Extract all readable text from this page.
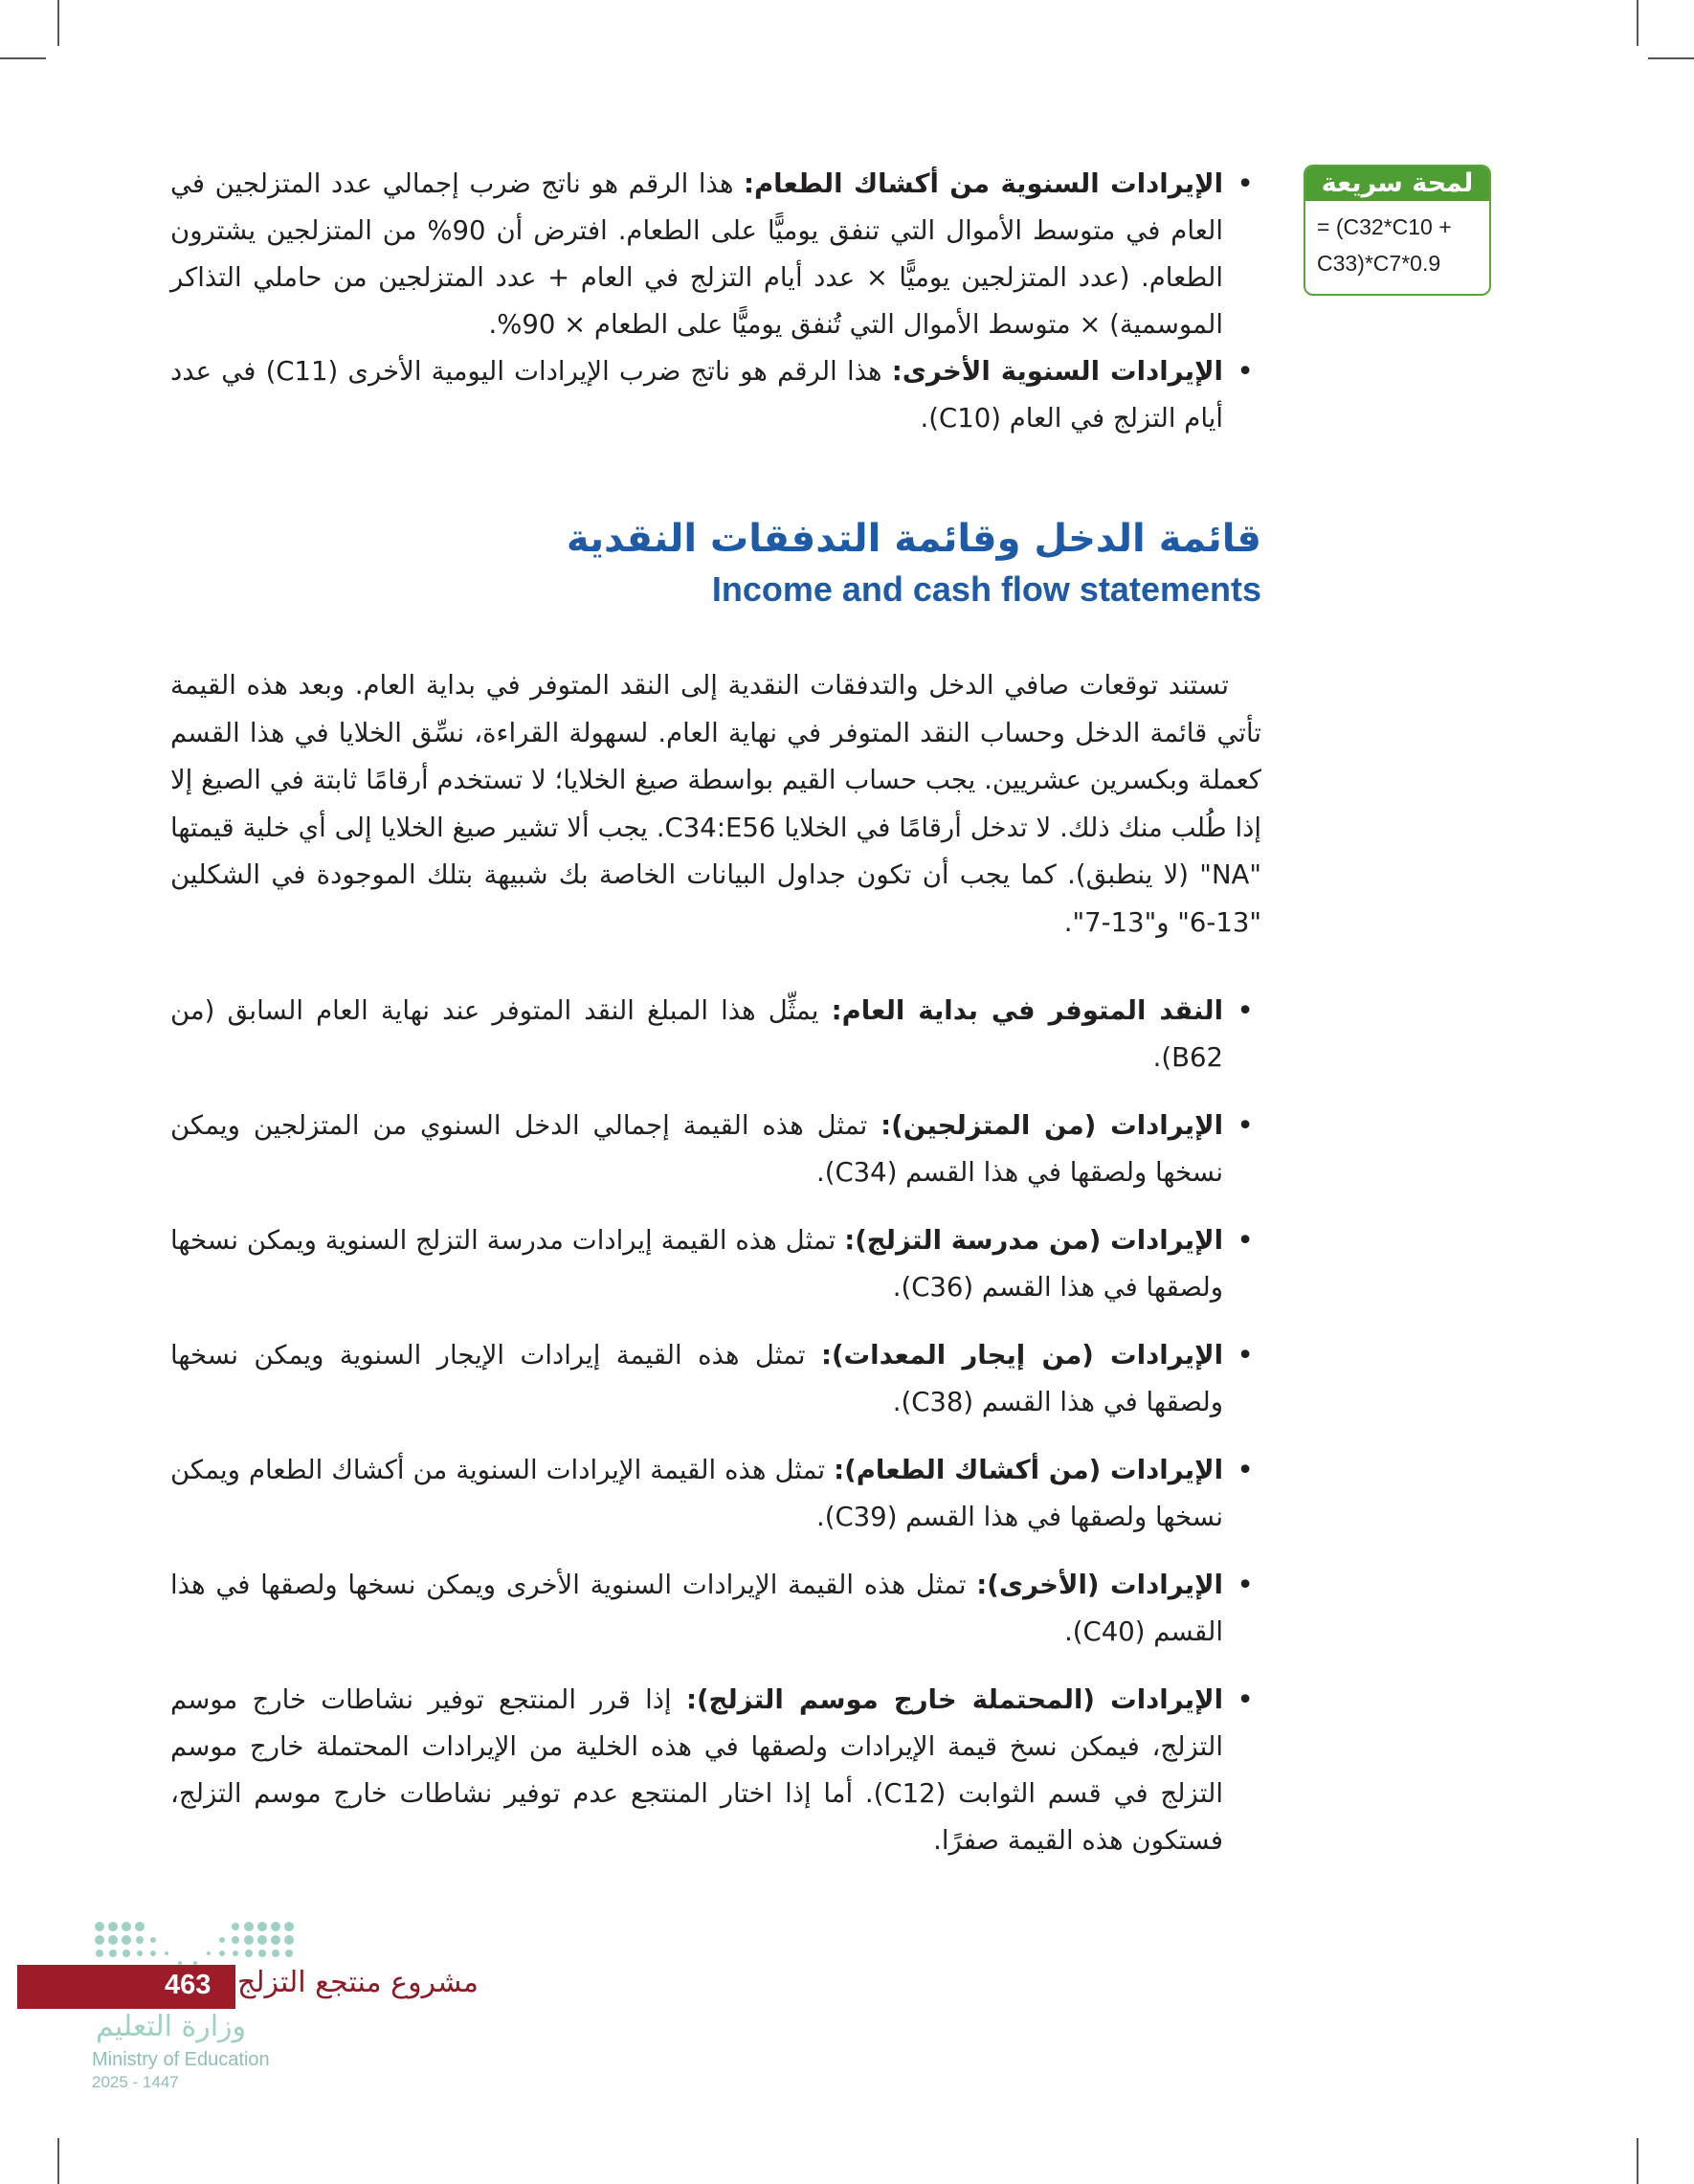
لمحة سريعة
= (C32*C10 +
C33)*C7*0.9
• الإيرادات السنوية من أكشاك الطعام: هذا الرقم هو ناتج ضرب إجمالي عدد المتزلجين في العام في متوسط الأموال التي تنفق يوميًّا على الطعام. افترض أن 90% من المتزلجين يشترون الطعام. (عدد المتزلجين يوميًّا × عدد أيام التزلج في العام + عدد المتزلجين من حاملي التذاكر الموسمية) × متوسط الأموال التي تُنفق يوميًّا على الطعام × 90%.
• الإيرادات السنوية الأخرى: هذا الرقم هو ناتج ضرب الإيرادات اليومية الأخرى (C11) في عدد أيام التزلج في العام (C10).
قائمة الدخل وقائمة التدفقات النقدية
Income and cash flow statements

تستند توقعات صافي الدخل والتدفقات النقدية إلى النقد المتوفر في بداية العام. وبعد هذه القيمة تأتي قائمة الدخل وحساب النقد المتوفر في نهاية العام. لسهولة القراءة، نسِّق الخلايا في هذا القسم كعملة وبكسرين عشريين. يجب حساب القيم بواسطة صيغ الخلايا؛ لا تستخدم أرقامًا ثابتة في الصيغ إلا إذا طُلب منك ذلك. لا تدخل أرقامًا في الخلايا C34:E56. يجب ألا تشير صيغ الخلايا إلى أي خلية قيمتها "NA" (لا ينطبق). كما يجب أن تكون جداول البيانات الخاصة بك شبيهة بتلك الموجودة في الشكلين "13-6" و"13-7".

• النقد المتوفر في بداية العام: يمثِّل هذا المبلغ النقد المتوفر عند نهاية العام السابق (من B62).
• الإيرادات (من المتزلجين): تمثل هذه القيمة إجمالي الدخل السنوي من المتزلجين ويمكن نسخها ولصقها في هذا القسم (C34).
• الإيرادات (من مدرسة التزلج): تمثل هذه القيمة إيرادات مدرسة التزلج السنوية ويمكن نسخها ولصقها في هذا القسم (C36).
• الإيرادات (من إيجار المعدات): تمثل هذه القيمة إيرادات الإيجار السنوية ويمكن نسخها ولصقها في هذا القسم (C38).
• الإيرادات (من أكشاك الطعام): تمثل هذه القيمة الإيرادات السنوية من أكشاك الطعام ويمكن نسخها ولصقها في هذا القسم (C39).
• الإيرادات (الأخرى): تمثل هذه القيمة الإيرادات السنوية الأخرى ويمكن نسخها ولصقها في هذا القسم (C40).
• الإيرادات (المحتملة خارج موسم التزلج): إذا قرر المنتجع توفير نشاطات خارج موسم التزلج، فيمكن نسخ قيمة الإيرادات ولصقها في هذه الخلية من الإيرادات المحتملة خارج موسم التزلج في قسم الثوابت (C12). أما إذا اختار المنتجع عدم توفير نشاطات خارج موسم التزلج، فستكون هذه القيمة صفرًا.
463 مشروع منتجع التزلج
وزارة التعليم
Ministry of Education
2025 - 1447
